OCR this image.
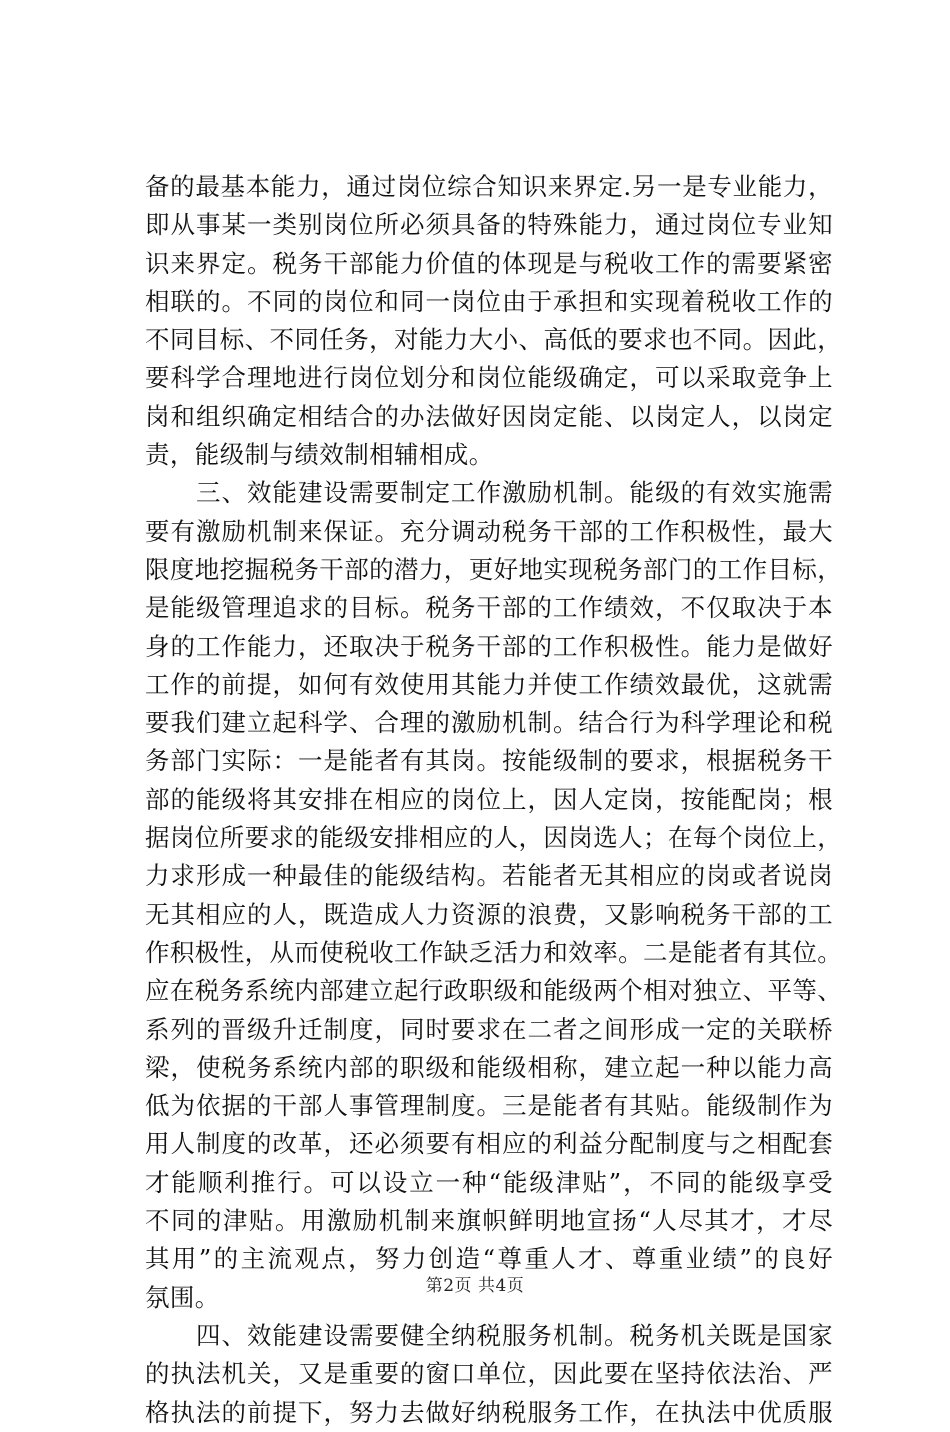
备的最基本能力，通过岗位综合知识来界定.另一是专业能力，
即从事某一类别岗位所必须具备的特殊能力，通过岗位专业知
识来界定。税务干部能力价值的体现是与税收工作的需要紧密
相联的。不同的岗位和同一岗位由于承担和实现着税收工作的
不同目标、不同任务，对能力大小、高低的要求也不同。因此，
要科学合理地进行岗位划分和岗位能级确定，可以采取竞争上
岗和组织确定相结合的办法做好因岗定能、以岗定人，以岗定
责，能级制与绩效制相辅相成。
　　三、效能建设需要制定工作激励机制。能级的有效实施需
要有激励机制来保证。充分调动税务干部的工作积极性，最大
限度地挖掘税务干部的潜力，更好地实现税务部门的工作目标，
是能级管理追求的目标。税务干部的工作绩效，不仅取决于本
身的工作能力，还取决于税务干部的工作积极性。能力是做好
工作的前提，如何有效使用其能力并使工作绩效最优，这就需
要我们建立起科学、合理的激励机制。结合行为科学理论和税
务部门实际：一是能者有其岗。按能级制的要求，根据税务干
部的能级将其安排在相应的岗位上，因人定岗，按能配岗；根
据岗位所要求的能级安排相应的人，因岗选人；在每个岗位上，
力求形成一种最佳的能级结构。若能者无其相应的岗或者说岗
无其相应的人，既造成人力资源的浪费，又影响税务干部的工
作积极性，从而使税收工作缺乏活力和效率。二是能者有其位。
应在税务系统内部建立起行政职级和能级两个相对独立、平等、
系列的晋级升迁制度，同时要求在二者之间形成一定的关联桥
梁，使税务系统内部的职级和能级相称，建立起一种以能力高
低为依据的干部人事管理制度。三是能者有其贴。能级制作为
用人制度的改革，还必须要有相应的利益分配制度与之相配套
才能顺利推行。可以设立一种“能级津贴”，不同的能级享受
不同的津贴。用激励机制来旗帜鲜明地宣扬“人尽其才，才尽
其用”的主流观点，努力创造“尊重人才、尊重业绩”的良好
氛围。
　　四、效能建设需要健全纳税服务机制。税务机关既是国家
的执法机关，又是重要的窗口单位，因此要在坚持依法治、严
格执法的前提下，努力去做好纳税服务工作，在执法中优质服
第2页 共4页
